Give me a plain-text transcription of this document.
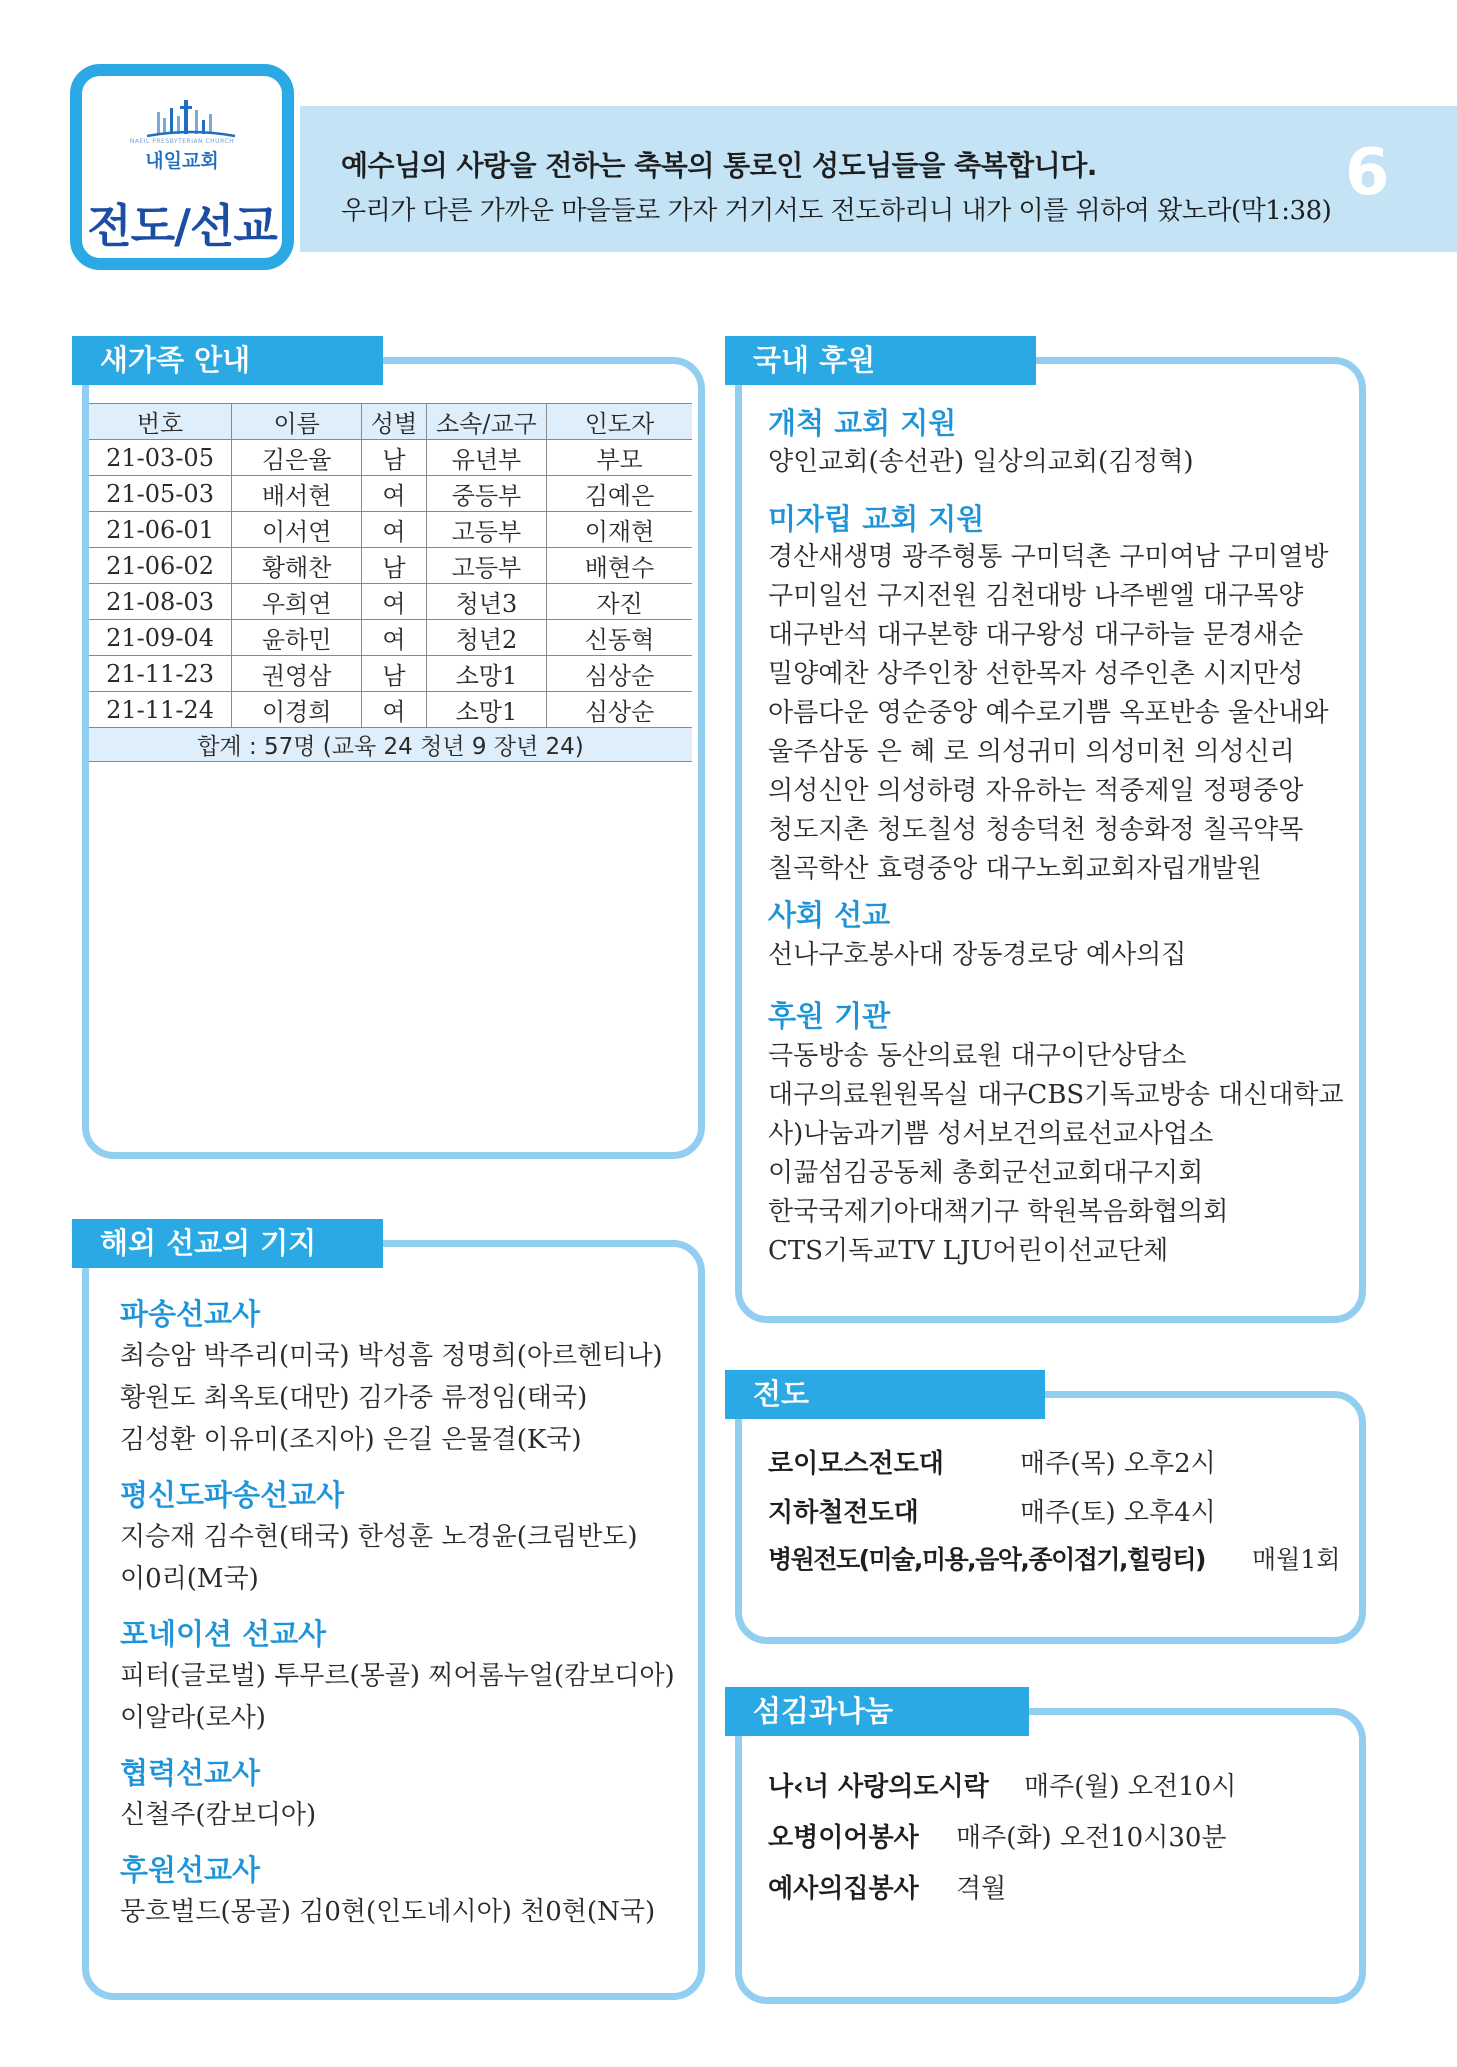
NAEIL PRESBYTERIAN CHURCH
내일교회
전도/선교
예수님의 사랑을 전하는 축복의 통로인 성도님들을 축복합니다.
우리가 다른 가까운 마을들로 가자 거기서도 전도하리니 내가 이를 위하여 왔노라(막1:38)
6
새가족 안내
번호	이름	성별	소속/교구	인도자
21-03-05	김은율	남	유년부	부모
21-05-03	배서현	여	중등부	김예은
21-06-01	이서연	여	고등부	이재현
21-06-02	황해찬	남	고등부	배현수
21-08-03	우희연	여	청년3	자진
21-09-04	윤하민	여	청년2	신동혁
21-11-23	권영삼	남	소망1	심상순
21-11-24	이경희	여	소망1	심상순
합계 : 57명 (교육 24 청년 9 장년 24)				
해외 선교의 기지
파송선교사
최승암 박주리(미국) 박성흠 정명희(아르헨티나)
황원도 최옥토(대만) 김가중 류정임(태국)
김성환 이유미(조지아) 은길 은물결(K국)
평신도파송선교사
지승재 김수현(태국) 한성훈 노경윤(크림반도)
이0리(M국)
포네이션 선교사
피터(글로벌) 투무르(몽골) 찌어롬누얼(캄보디아)
이알라(로사)
협력선교사
신철주(캄보디아)
후원선교사
뭉흐벌드(몽골) 김0현(인도네시아) 천0현(N국)
국내 후원
개척 교회 지원
양인교회(송선관) 일상의교회(김정혁)
미자립 교회 지원
경산새생명 광주형통 구미덕촌 구미여남 구미열방
구미일선 구지전원 김천대방 나주벧엘 대구목양
대구반석 대구본향 대구왕성 대구하늘 문경새순
밀양예찬 상주인창 선한목자 성주인촌 시지만성
아름다운 영순중앙 예수로기쁨 옥포반송 울산내와
울주삼동 은 혜 로 의성귀미 의성미천 의성신리
의성신안 의성하령 자유하는 적중제일 정평중앙
청도지촌 청도칠성 청송덕천 청송화정 칠곡약목
칠곡학산 효령중앙 대구노회교회자립개발원
사회 선교
선나구호봉사대 장동경로당 예사의집
후원 기관
극동방송 동산의료원 대구이단상담소
대구의료원원목실 대구CBS기독교방송 대신대학교
사)나눔과기쁨 성서보건의료선교사업소
이끎섬김공동체 총회군선교회대구지회
한국국제기아대책기구 학원복음화협의회
CTS기독교TV LJU어린이선교단체
전도
로이모스전도대	매주(목) 오후2시
지하철전도대	매주(토) 오후4시
병원전도(미술,미용,음악,종이접기,힐링티) 매월1회
섬김과나눔
나‹너 사랑의도시락 매주(월) 오전10시
오병이어봉사 매주(화) 오전10시30분
예사의집봉사 격월
